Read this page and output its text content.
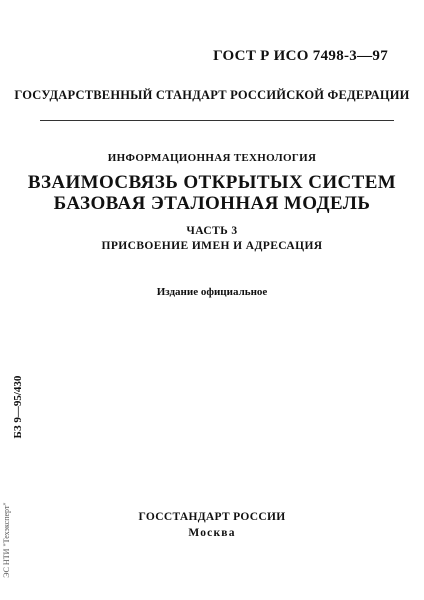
ГОСТ Р ИСО 7498-3—97
ГОСУДАРСТВЕННЫЙ СТАНДАРТ РОССИЙСКОЙ ФЕДЕРАЦИИ
ИНФОРМАЦИОННАЯ ТЕХНОЛОГИЯ
ВЗАИМОСВЯЗЬ ОТКРЫТЫХ СИСТЕМ
БАЗОВАЯ ЭТАЛОННАЯ МОДЕЛЬ
ЧАСТЬ 3
ПРИСВОЕНИЕ ИМЕН И АДРЕСАЦИЯ
Издание официальное
БЗ 9—95/430
ЭС НТИ "Техэксперт"	ГОССТАНДАРТ РОССИИ
Москва
